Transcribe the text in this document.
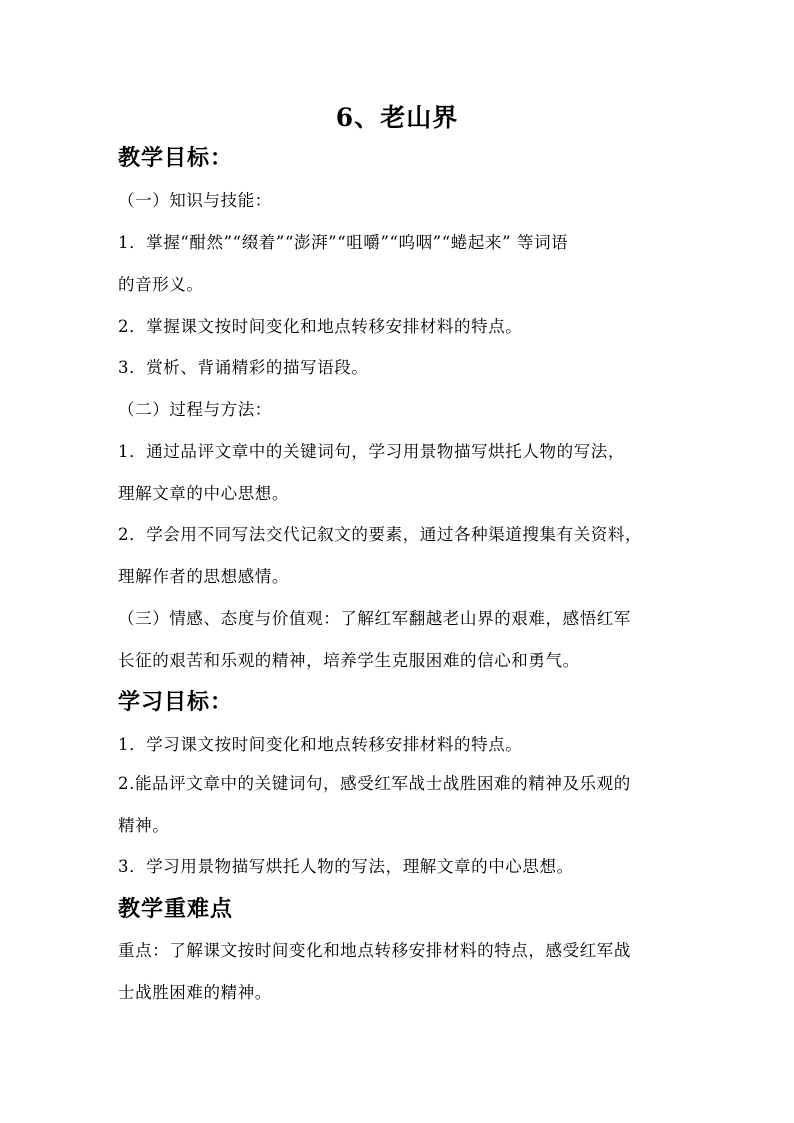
6、老山界
教学目标：
（一）知识与技能：
1．掌握“酣然”“缀着”“澎湃”“咀嚼”“呜咽”“蜷起来” 等词语
的音形义。
2．掌握课文按时间变化和地点转移安排材料的特点。
3．赏析、背诵精彩的描写语段。
（二）过程与方法：
1．通过品评文章中的关键词句，学习用景物描写烘托人物的写法，
理解文章的中心思想。
2．学会用不同写法交代记叙文的要素，通过各种渠道搜集有关资料，
理解作者的思想感情。
（三）情感、态度与价值观：了解红军翻越老山界的艰难，感悟红军
长征的艰苦和乐观的精神，培养学生克服困难的信心和勇气。
学习目标：
1．学习课文按时间变化和地点转移安排材料的特点。
2.能品评文章中的关键词句，感受红军战士战胜困难的精神及乐观的
精神。
3．学习用景物描写烘托人物的写法，理解文章的中心思想。
教学重难点
重点：了解课文按时间变化和地点转移安排材料的特点，感受红军战
士战胜困难的精神。
